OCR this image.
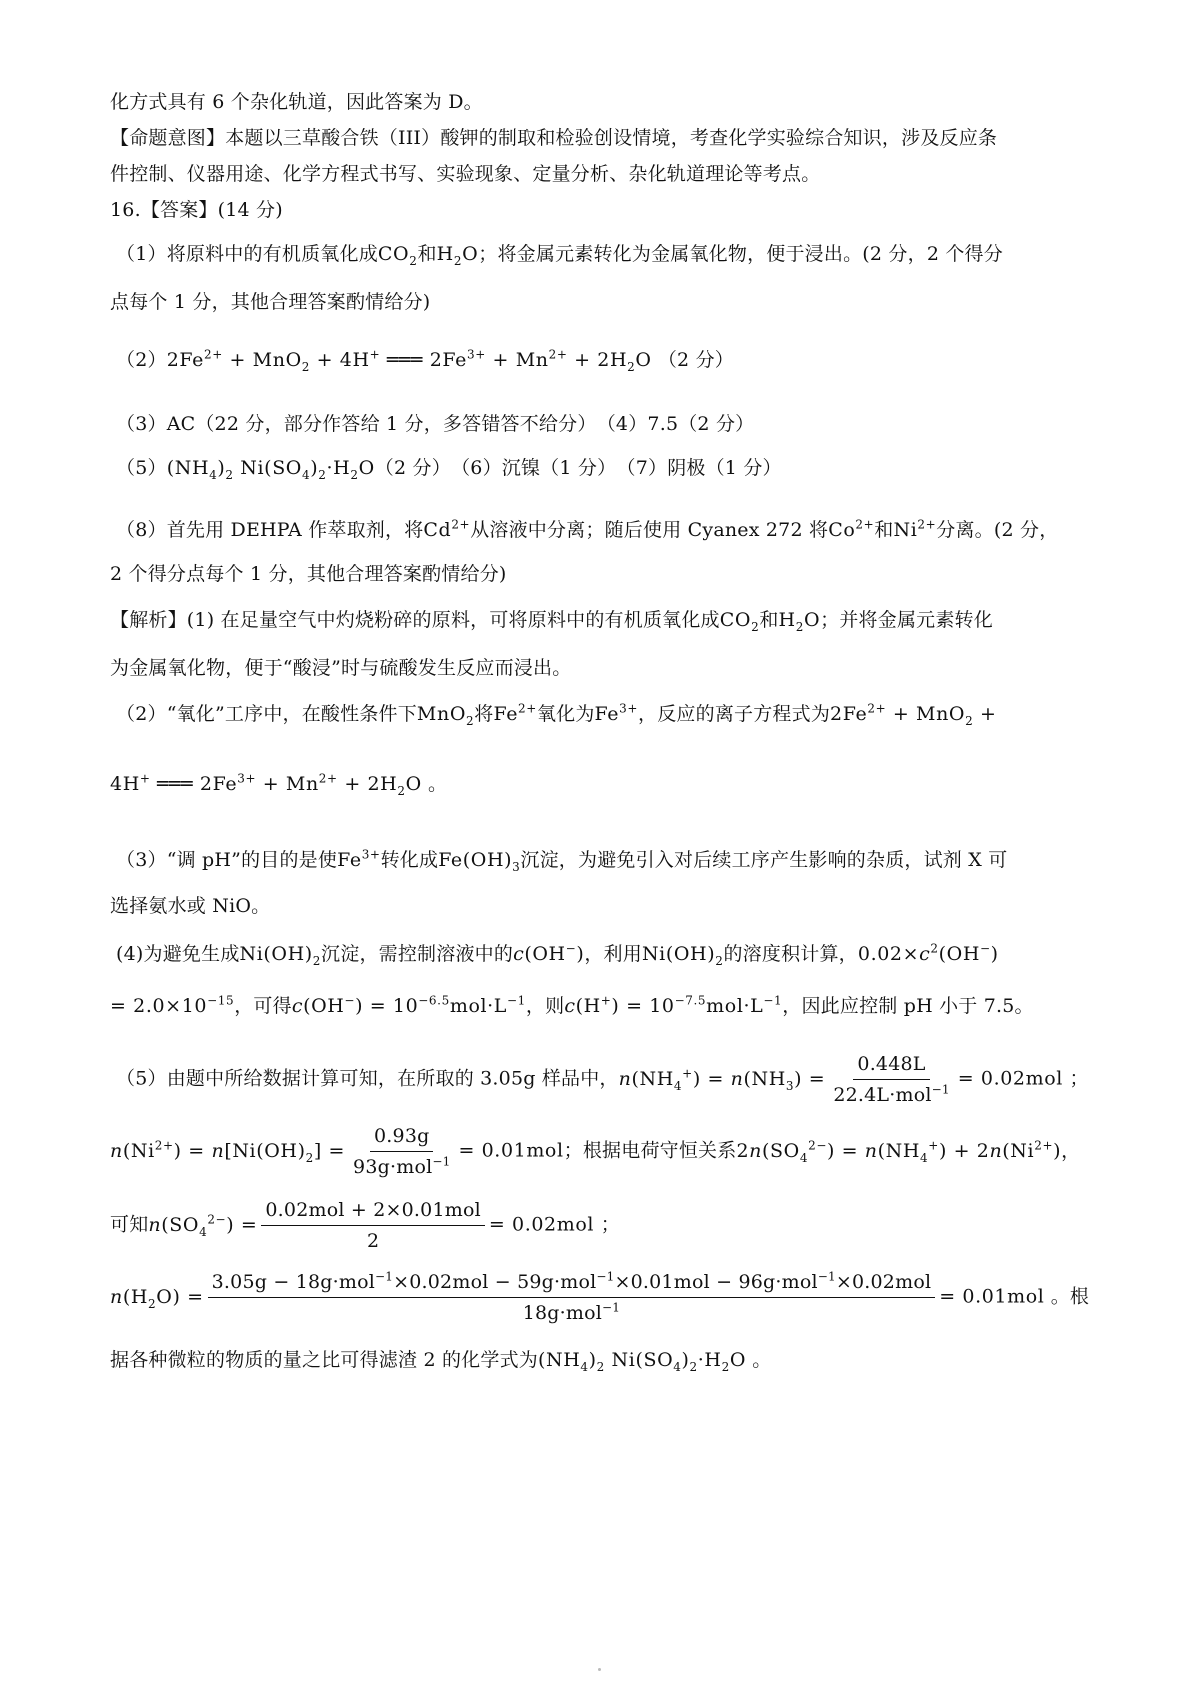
化方式具有 6 个杂化轨道，因此答案为 D。
【命题意图】本题以三草酸合铁（III）酸钾的制取和检验创设情境，考查化学实验综合知识，涉及反应条
件控制、仪器用途、化学方程式书写、实验现象、定量分析、杂化轨道理论等考点。
16.【答案】(14 分)
（1）将原料中的有机质氧化成$CO_2$和$H_2O$；将金属元素转化为金属氧化物，便于浸出。(2 分，2 个得分
点每个 1 分，其他合理答案酌情给分)
$(2)2Fe^{2+} + MnO_2 + 4H^+$ ═══ $2Fe^{3+} + Mn^{2+} + 2H_2O$ （2 分）
（3）AC（22 分，部分作答给 1 分，多答错答不给分）　（4）7.5（2 分）
$(5)(NH_4)_2$ $Ni(SO_4)_2\cdot H_2O(2$ 分）　（6）沉镍（1 分）　（7）阴极（1 分）
（8）首先用 DEHPA 作萃取剂，将$Cd^{2+}$从溶液中分离；随后使用 Cyanex 272 将$Co^{2+}$和$Ni^{2+}$分离。(2 分，
2 个得分点每个 1 分，其他合理答案酌情给分)
【解析】(1) 在足量空气中灼烧粉碎的原料，可将原料中的有机质氧化成$CO_2$和$H_2O$；并将金属元素转化
为金属氧化物，便于“酸浸”时与硫酸发生反应而浸出。
（2）“氧化”工序中，在酸性条件下MnO$_2$将$Fe^{2+}$氧化为$Fe^{3+}$，反应的离子方程式为$2Fe^{2+} + MnO_2$ +
4H+ ═══ $2Fe^{3+} + Mn^{2+} + 2H_2O$ 。
（3）“调 pH”的目的是使$Fe^{3+}$转化成$Fe(OH)_3$沉淀，为避免引入对后续工序产生影响的杂质，试剂 X 可
选择氨水或 NiO。
(4)为避免生成$Ni(OH)_2$沉淀，需控制溶液中的c(OH−)，利用$Ni(OH)_2$的溶度积计算，$0.02\times c^2(OH^-)$
= $2.0\times 10^{-15}$，可得$c(OH^-) = 10^{-6.5}mol\cdot L^{-1}$，则$c(H^+) = 10^{-7.5}mol\cdot L^{-1}$，因此应控制 pH 小于 7.5。
（5）由题中所给数据计算可知，在所取的 3.05g 样品中，$n(NH_4^+) = n(NH_3) = \frac{0.448L}{22.4L\cdot mol^{-1}} = 0.02mol$ ；
$n(Ni^{2+}) = n[Ni(OH)_2] = \frac{0.93g}{93g\cdot mol^{-1}} = 0.01mol$；根据电荷守恒关系$2n(SO_4^{2-}) = n(NH_4^+) + 2n(Ni^{2+})$，
可知$n(SO_4^{2-}) = \frac{\text{0.02mol + 2×0.01mol}}{2} = 0.02mol$ ；
$n(H_2O)$ =
3.05g − 18g·mol$^{-1}$×0.02mol − 59g·mol$^{-1}$×0.01mol − 96g·mol$^{-1}$×0.02mol
18g·mol$^{-1}$
= 0.01mol 。根
据各种微粒的物质的量之比可得滤渣 2 的化学式为$(NH_4)_2$ $Ni(SO_4)_2\cdot H_2O$ 。
